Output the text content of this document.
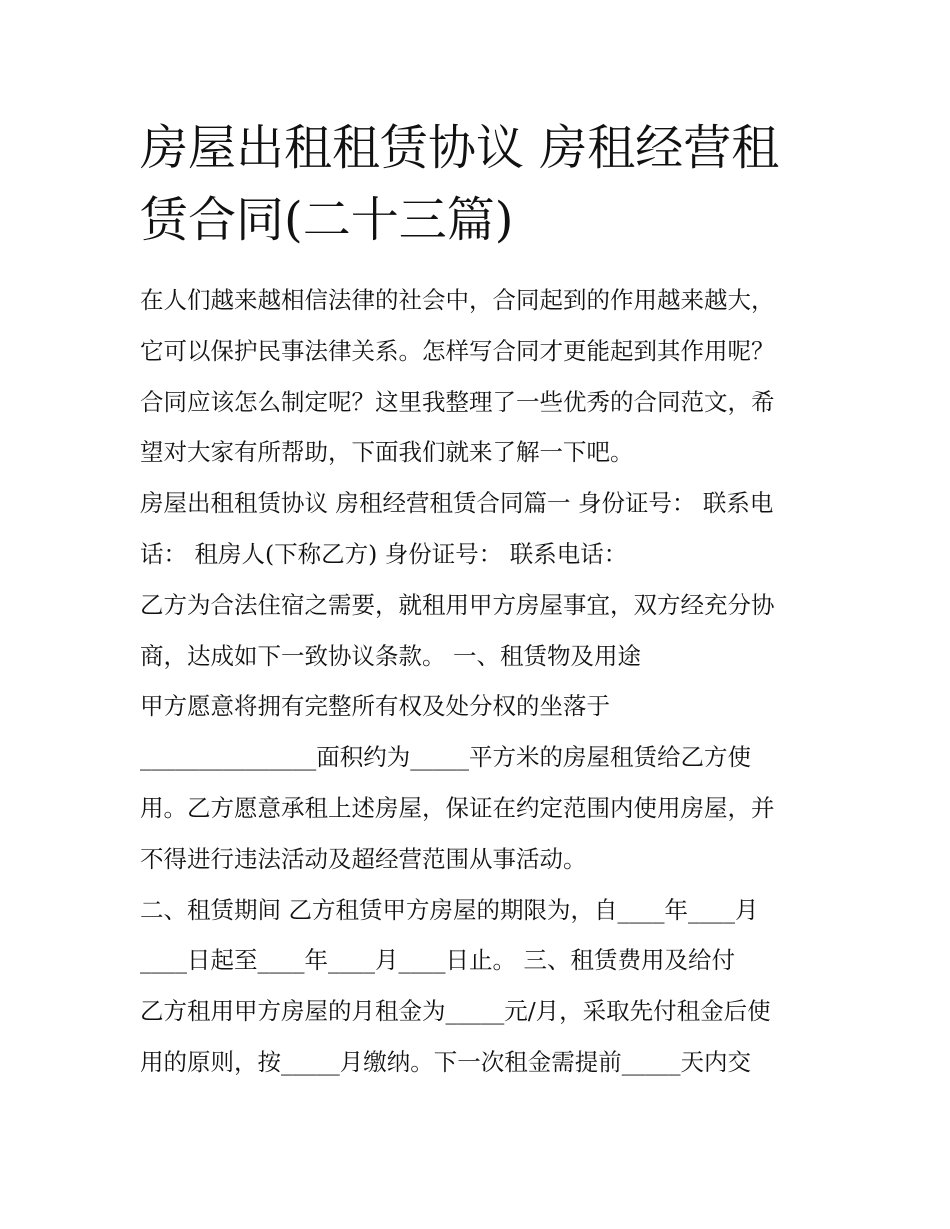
房屋出租租赁协议 房租经营租
赁合同(二十三篇)
在人们越来越相信法律的社会中，合同起到的作用越来越大，
它可以保护民事法律关系。怎样写合同才更能起到其作用呢？
合同应该怎么制定呢？这里我整理了一些优秀的合同范文，希
望对大家有所帮助，下面我们就来了解一下吧。
房屋出租租赁协议 房租经营租赁合同篇一 身份证号： 联系电
话： 租房人(下称乙方) 身份证号： 联系电话：
乙方为合法住宿之需要，就租用甲方房屋事宜，双方经充分协
商，达成如下一致协议条款。 一、租赁物及用途
甲方愿意将拥有完整所有权及处分权的坐落于
_______________面积约为_____平方米的房屋租赁给乙方使
用。乙方愿意承租上述房屋，保证在约定范围内使用房屋，并
不得进行违法活动及超经营范围从事活动。
二、租赁期间 乙方租赁甲方房屋的期限为，自____年____月
____日起至____年____月____日止。 三、租赁费用及给付
乙方租用甲方房屋的月租金为_____元/月，采取先付租金后使
用的原则，按_____月缴纳。下一次租金需提前_____天内交
